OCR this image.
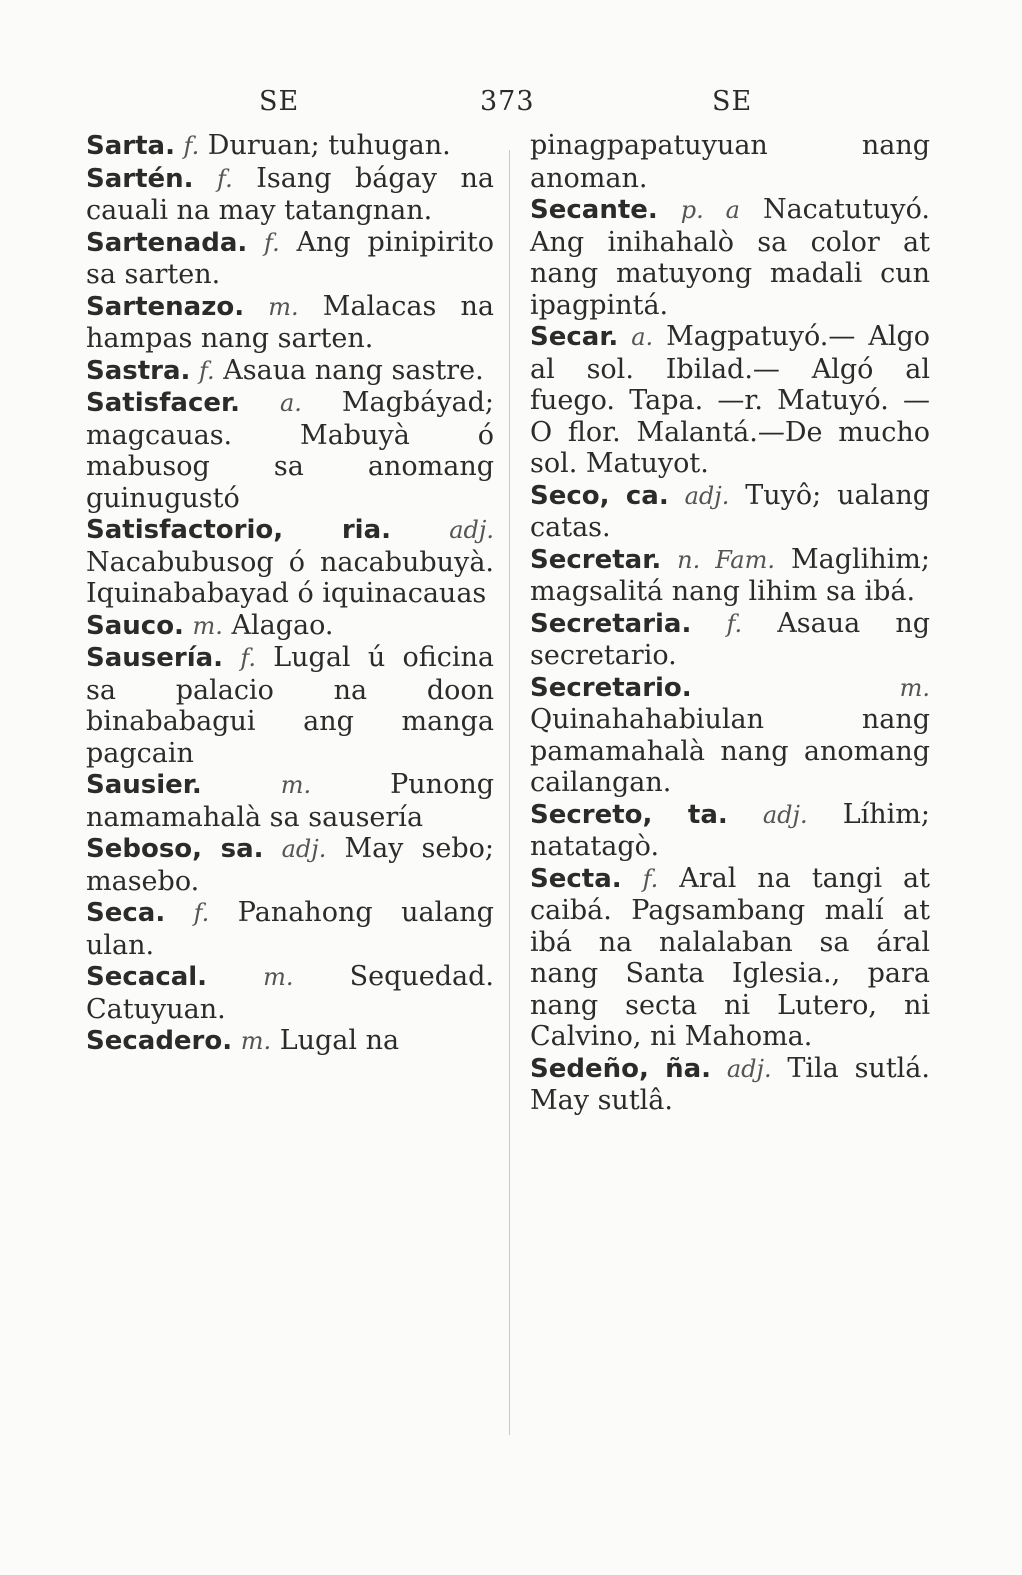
SE	373	SE
Sarta. f. Duruan; tuhugan.
Sartén. f. Isang bágay na cauali na may tatangnan.
Sartenada. f. Ang pinipirito sa sarten.
Sartenazo. m. Malacas na hampas nang sarten.
Sastra. f. Asaua nang sastre.
Satisfacer. a. Magbáyad; magcauas. Mabuyà ó mabusog sa anomang guinugustó
Satisfactorio, ria. adj. Nacabubusog ó nacabubuyà. Iquinababayad ó iquinacauas
Sauco. m. Alagao.
Sausería. f. Lugal ú oficina sa palacio na doon binababagui ang manga pagcain
Sausier.	m.	Punong namamahalà sa sausería
Seboso, sa. adj. May sebo; masebo.
Seca. f. Panahong ualang ulan.
Secacal. m. Sequedad. Catuyuan.
Secadero. m. Lugal na
pinagpapatuyuan nang anoman.
Secante. p. a Nacatutuyó. Ang inihahalò sa color at nang matuyong madali cun ipagpintá.
Secar. a. Magpatuyó.— Algo al sol. Ibilad.— Algó al fuego. Tapa. —r. Matuyó. — O flor. Malantá.—De mucho sol. Matuyot.
Seco, ca. adj. Tuyô; ualang catas.
Secretar. n. Fam. Maglihim; magsalitá nang lihim sa ibá.
Secretaria. f. Asaua ng secretario.
Secretario.	m. Quinahahabiulan nang pamamahalà nang anomang cailangan.
Secreto, ta. adj. Líhim; natatagò.
Secta. f. Aral na tangi at caibá. Pagsambang malí at ibá na nalalaban sa áral nang Santa Iglesia., para nang secta ni Lutero, ni Calvino, ni Mahoma.
Sedeño, ña. adj. Tila sutlá. May sutlâ.
